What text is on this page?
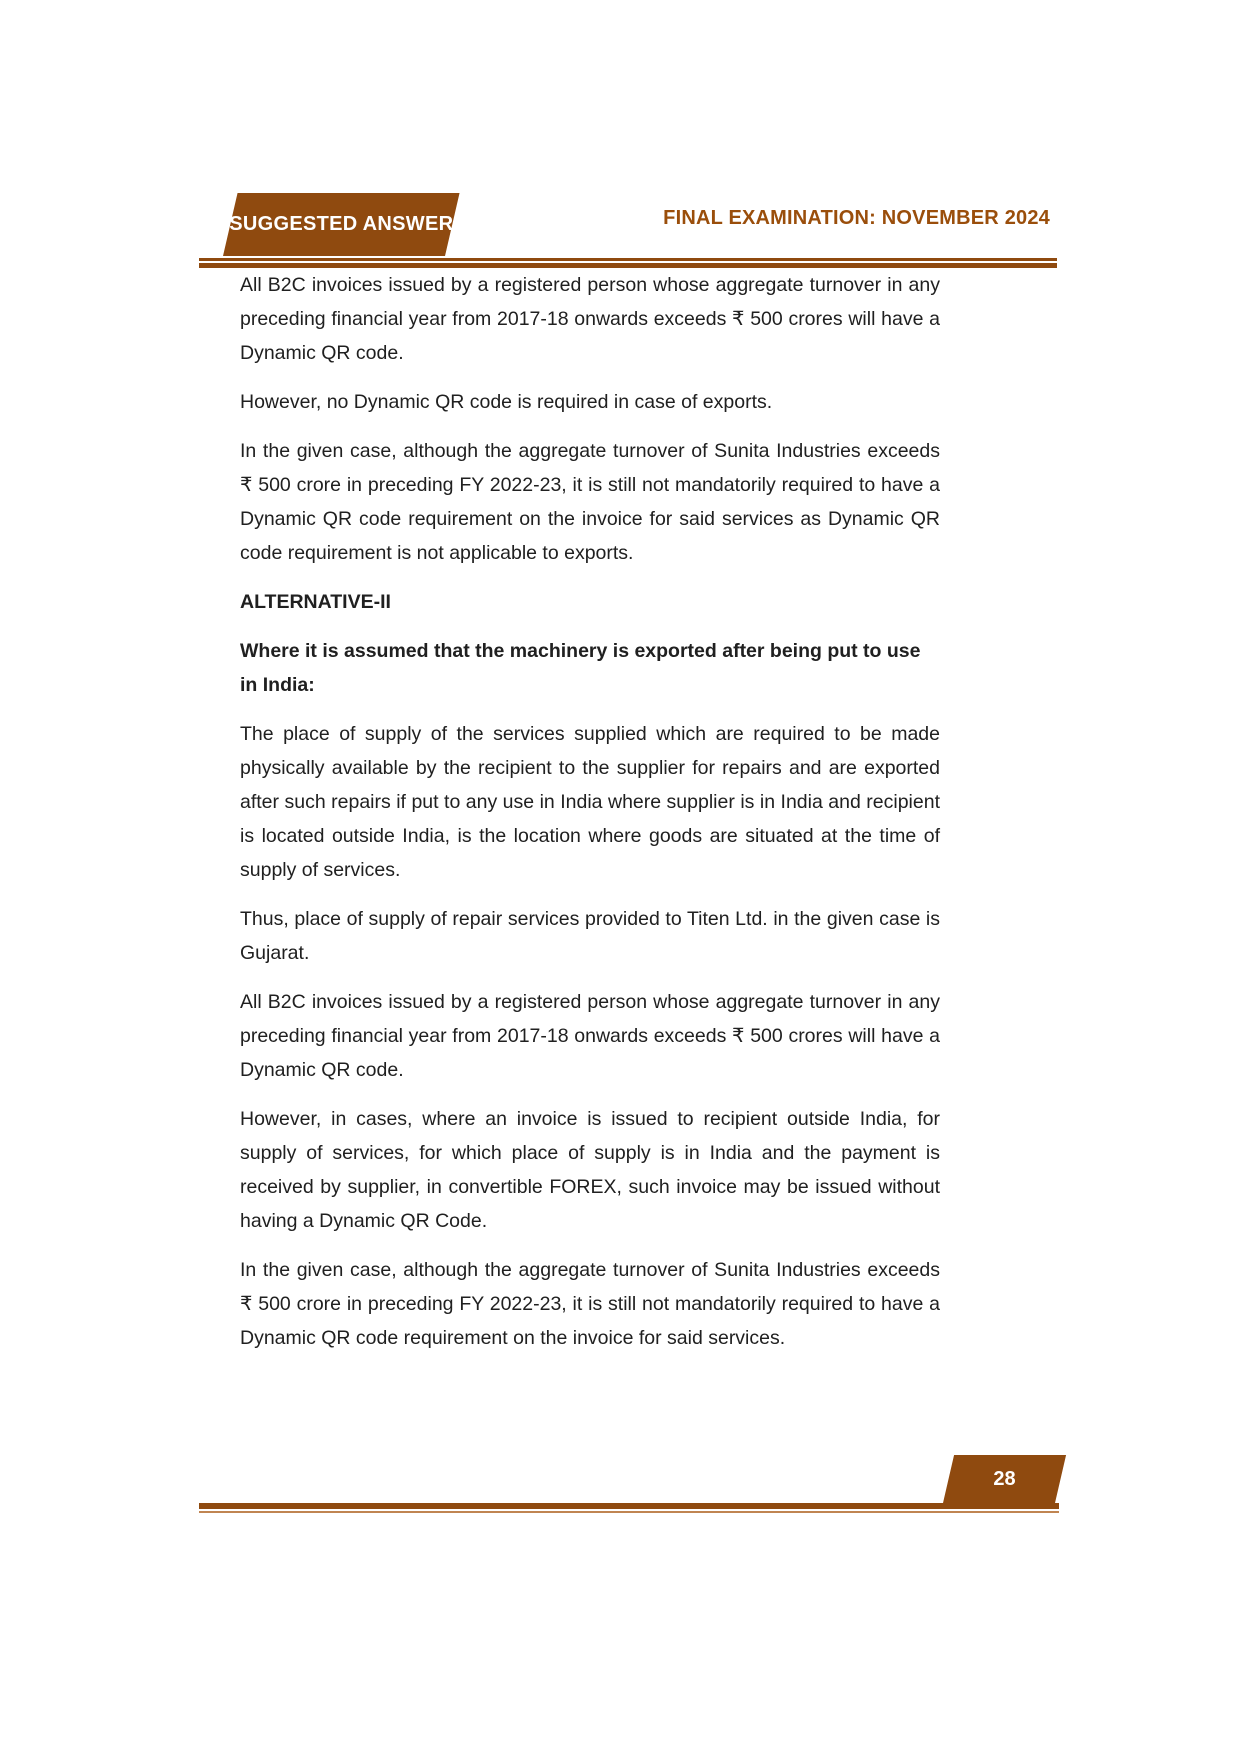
SUGGESTED ANSWER	FINAL EXAMINATION: NOVEMBER 2024

All B2C invoices issued by a registered person whose aggregate turnover in any preceding financial year from 2017-18 onwards exceeds ₹ 500 crores will have a Dynamic QR code.

However, no Dynamic QR code is required in case of exports.

In the given case, although the aggregate turnover of Sunita Industries exceeds ₹ 500 crore in preceding FY 2022-23, it is still not mandatorily required to have a Dynamic QR code requirement on the invoice for said services as Dynamic QR code requirement is not applicable to exports.

ALTERNATIVE-II

Where it is assumed that the machinery is exported after being put to use in India:

The place of supply of the services supplied which are required to be made physically available by the recipient to the supplier for repairs and are exported after such repairs if put to any use in India where supplier is in India and recipient is located outside India, is the location where goods are situated at the time of supply of services.

Thus, place of supply of repair services provided to Titen Ltd. in the given case is Gujarat.

All B2C invoices issued by a registered person whose aggregate turnover in any preceding financial year from 2017-18 onwards exceeds ₹ 500 crores will have a Dynamic QR code.

However, in cases, where an invoice is issued to recipient outside India, for supply of services, for which place of supply is in India and the payment is received by supplier, in convertible FOREX, such invoice may be issued without having a Dynamic QR Code.

In the given case, although the aggregate turnover of Sunita Industries exceeds ₹ 500 crore in preceding FY 2022-23, it is still not mandatorily required to have a Dynamic QR code requirement on the invoice for said services.

28
